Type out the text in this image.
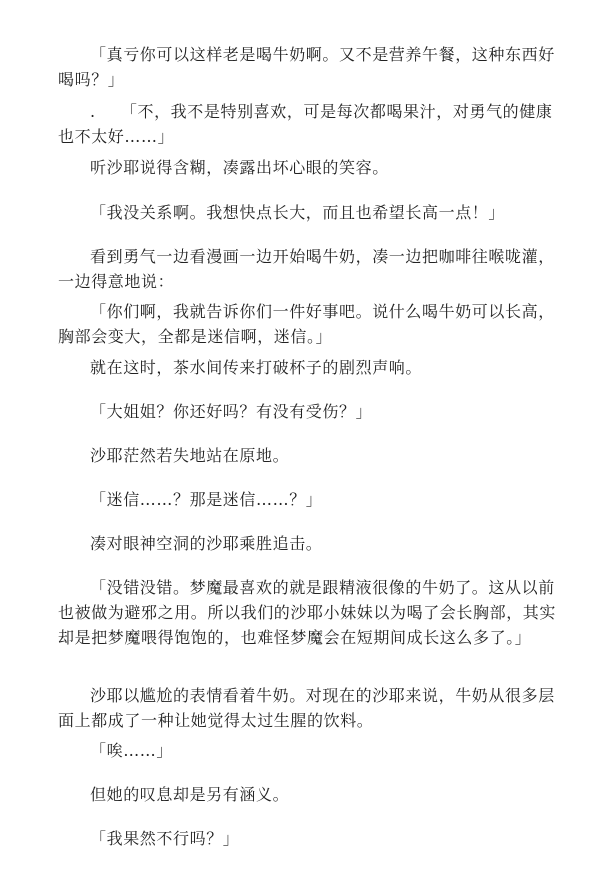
「真亏你可以这样老是喝牛奶啊。又不是营养午餐，这种东西好喝吗？」

.　　「不，我不是特别喜欢，可是每次都喝果汁，对勇气的健康也不太好……」

听沙耶说得含糊，凑露出坏心眼的笑容。

「我没关系啊。我想快点长大，而且也希望长高一点！」

看到勇气一边看漫画一边开始喝牛奶，凑一边把咖啡往喉咙灌，一边得意地说：

「你们啊，我就告诉你们一件好事吧。说什么喝牛奶可以长高，胸部会变大，全都是迷信啊，迷信。」

就在这时，茶水间传来打破杯子的剧烈声响。

「大姐姐？你还好吗？有没有受伤？」

沙耶茫然若失地站在原地。

「迷信……？那是迷信……？」

凑对眼神空洞的沙耶乘胜追击。

「没错没错。梦魔最喜欢的就是跟精液很像的牛奶了。这从以前也被做为避邪之用。所以我们的沙耶小妹妹以为喝了会长胸部，其实却是把梦魔喂得饱饱的，也难怪梦魔会在短期间成长这么多了。」

沙耶以尴尬的表情看着牛奶。对现在的沙耶来说，牛奶从很多层面上都成了一种让她觉得太过生腥的饮料。

「唉……」

但她的叹息却是另有涵义。

「我果然不行吗？」
